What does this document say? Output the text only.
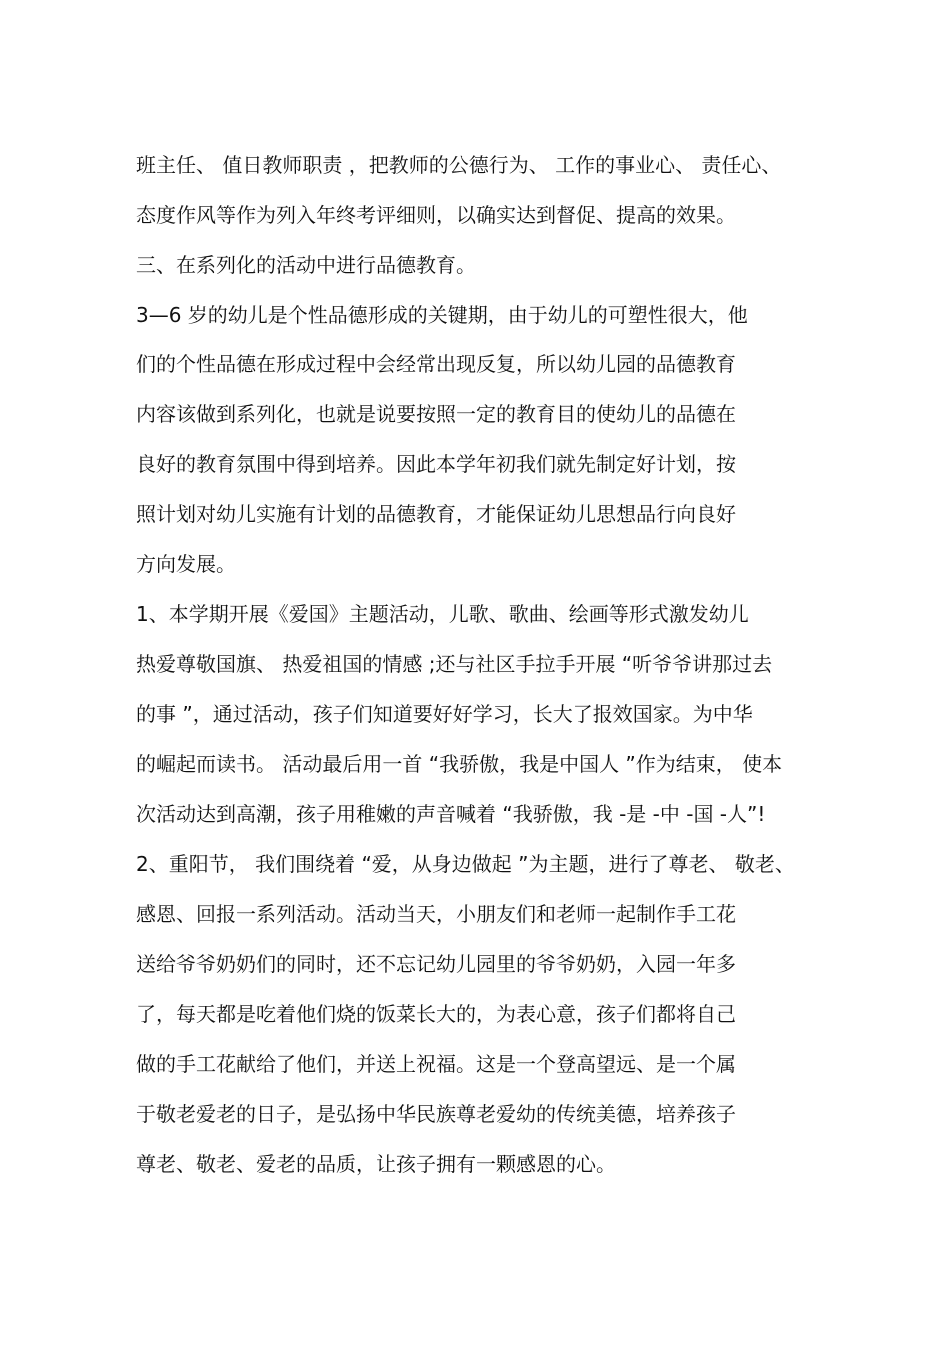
班主任、 值日教师职责 ，把教师的公德行为、 工作的事业心、 责任心、
态度作风等作为列入年终考评细则，以确实达到督促、提高的效果。
三、在系列化的活动中进行品德教育。
3—6 岁的幼儿是个性品德形成的关键期，由于幼儿的可塑性很大，他
们的个性品德在形成过程中会经常出现反复，所以幼儿园的品德教育
内容该做到系列化，也就是说要按照一定的教育目的使幼儿的品德在
良好的教育氛围中得到培养。因此本学年初我们就先制定好计划，按
照计划对幼儿实施有计划的品德教育，才能保证幼儿思想品行向良好
方向发展。
1、本学期开展《爱国》主题活动，儿歌、歌曲、绘画等形式激发幼儿
热爱尊敬国旗、 热爱祖国的情感 ;还与社区手拉手开展 “听爷爷讲那过去
的事 ”，通过活动，孩子们知道要好好学习，长大了报效国家。为中华
的崛起而读书。 活动最后用一首 “我骄傲，我是中国人 ”作为结束， 使本
次活动达到高潮，孩子用稚嫩的声音喊着 “我骄傲，我 -是 -中 -国 -人”!
2、重阳节， 我们围绕着 “爱，从身边做起 ”为主题，进行了尊老、 敬老、
感恩、回报一系列活动。活动当天，小朋友们和老师一起制作手工花
送给爷爷奶奶们的同时，还不忘记幼儿园里的爷爷奶奶，入园一年多
了，每天都是吃着他们烧的饭菜长大的，为表心意，孩子们都将自己
做的手工花献给了他们，并送上祝福。这是一个登高望远、是一个属
于敬老爱老的日子，是弘扬中华民族尊老爱幼的传统美德，培养孩子
尊老、敬老、爱老的品质，让孩子拥有一颗感恩的心。
